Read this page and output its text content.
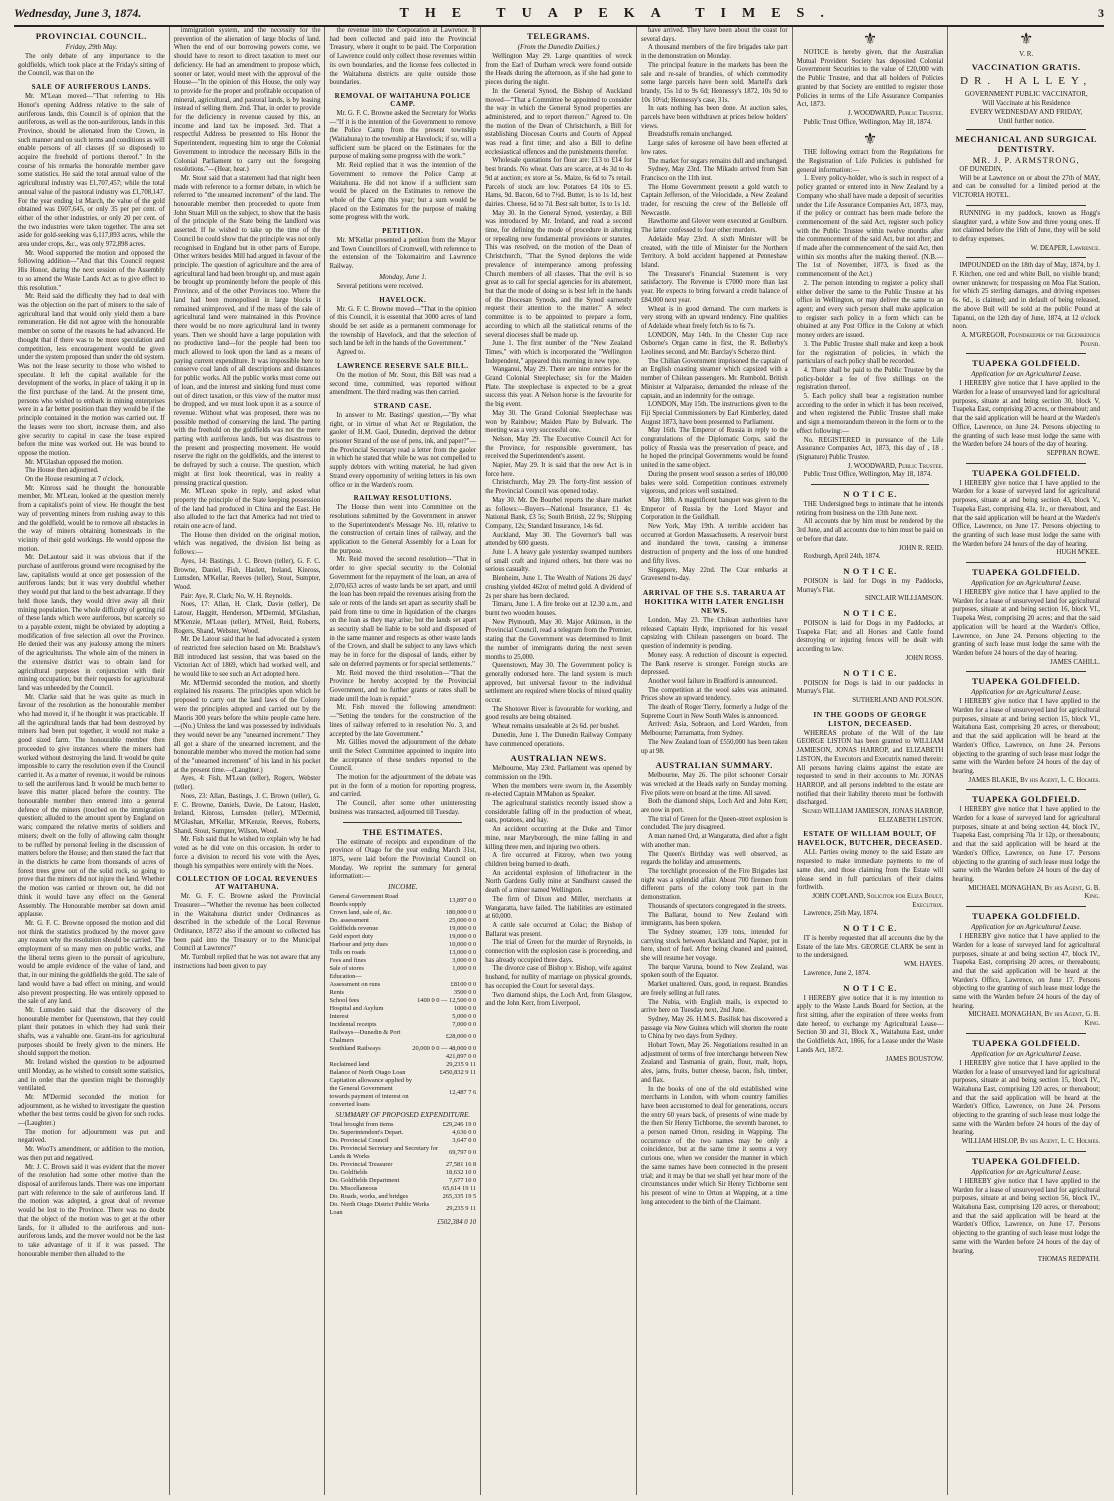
Wednesday, June 3, 1874.	THE TUAPEKA TIMES.	3
PROVINCIAL COUNCIL.
Friday, 29th May.

The only debate of any importance to the goldfields, which took place at the Friday's sitting of the Council, was that on the

SALE OF AURIFEROUS LANDS.

Mr. M'Lean moved—"That referring to His Honor's opening Address relative to the sale of auriferous lands, this Council is of opinion that the auriferous, as well as the non-auriferous, lands in this Province, should be alienated from the Crown, in such manner and on such terms and conditions as will enable persons of all classes (if so disposed) to acquire the freehold of portions thereof." In the course of his remarks the honorable member gave some statistics. He said the total annual value of the agricultural industry was £1,707,457; while the total annual value of the pastoral industry was £1,708,147. For the year ending 1st March, the value of the gold obtained was £607,645, or only 35 per per cent. of either of the other industries, or only 20 per cent. of the two industries were taken together. The area set aside for gold-seeking was 6,117,893 acres, while the area under crops, &c., was only 972,898 acres.

Mr. Wood supported the motion and opposed the following addition—"And that this Council request His Honor, during the next session of the Assembly to so amend the Waste Lands Act as to give effect to this resolution."

Mr. Reid said the difficulty they had to deal with was the objection on the part of miners to the sale of agricultural land that would only yield them a bare remuneration. He did not agree with the honourable member on some of the reasons he had advanced. He thought that if there was to be more speculation and competition, less encouragement would be given under the system proposed than under the old system. Was not the lease security to those who wished to speculate. It left the capital available for the development of the works, in place of taking it up in the first purchase of the land. At the present time, persons who wished to embark in mining enterprises were in a far better position than they would be if the principle contained in the motion was carried out. If the leases were too short, increase them, and also give security to capital in case the lease expired before the mine was worked out. He was bound to oppose the motion.

Mr. M'Glashan opposed the motion.

The House then adjourned.

On the House resuming at 7 o'clock,

Mr. Kinross said he thought the honourable member, Mr. M'Lean, looked at the question merely from a capitalist's point of view. He thought the best way of preventing miners from rushing away to this and the goldfield, would be to remove all obstacles in the way of miners obtaining homesteads in the vicinity of their gold workings. He would oppose the motion.

Mr. DeLautour said it was obvious that if the purchase of auriferous ground were recognised by the law, capitalists would at once get possession of the auriferous lands; but it was very doubtful whether they would put that land to the best advantage. If they held those lands, they would drive away all their mining population. The whole difficulty of getting rid of these lands which were auriferous, but scarcely so to a payable extent, might be obviated by adopting a modification of free selection all over the Province. He denied their was any jealousy among the miners of the agriculturists. The whole aim of the miners in the extensive district was to obtain land for agricultural purposes in conjunction with their mining occupation; but their requests for agricultural land was unheeded by the Council.

Mr. Clarke said that he was quite as much in favour of the resolution as the honourable member who had moved it, if he thought it was practicable. If all the agricultural lands that had been destroyed by miners had been put together, it would not make a good sized farm. The honourable member then proceeded to give instances where the miners had worked without destroying the land. It would be quite impossible to carry the resolution even if the Council carried it. As a matter of revenue, it would be ruinous to sell the auriferous land. It would be much better to leave this matter placed before the country. The honourable member then entered into a general defence of the miners (touched on the immigration question; alluded to the amount spent by England on wars; compared the relative merits of soldiers and miners; dwelt on the folly of allowing calm thought to be ruffled by personal feeling in the discussion of matters before the House; and then stated the fact that in the districts he came from thousands of acres of forest trees grew out of the solid rock, so going to prove that the miners did not injure the land. Whether the motion was carried or thrown out, he did not think it would have any effect on the General Assembly. The Honourable member sat down amid applause.

Mr. G. F. C. Browne opposed the motion and did not think the statistics produced by the mover gave any reason why the resolution should be carried. The employment of so many men on public works, and the liberal terms given to the pursuit of agriculture, would be ample evidence of the value of land, and that, in our mining the goldfields the gold. The sale of land would have a bad effect on mining, and would also prevent prospecting. He was entirely opposed to the sale of any land.

Mr. Lumsden said that the discovery of the honourable member for Queenstown, that they could plant their potatoes in which they had sunk their shafts, was a valuable one. Grant-ins for agricultural purposes should be freely given to the miners. He should support the motion.

Mr. Ireland wished the question to be adjourned until Monday, as he wished to consult some statistics, and in order that the question might be thoroughly ventilated.

Mr. M'Dermid seconded the motion for adjournment, as he wished to investigate the question whether the best terms could be given for such rocks.—(Laughter.)

The motion for adjournment was put and negatived.

Mr. Woo'l's amendment, or addition to the motion, was then put and negatived.

Mr. J. C. Brown said it was evident that the mover of the resolution had some other motive than the disposal of auriferous lands. There was one important part with reference to the sale of auriferous land. If the motion was adopted, a great deal of revenue would be lost to the Province. There was no doubt that the object of the motion was to get at the other lands, for it alluded to the auriferous and non-auriferous lands, and the mover would not be the last to take advantage of it if it was passed. The honourable member then alluded to the

immigration system, and the necessity for the prevention of the alienation of large blocks of land. When the end of our borrowing powers come, we should have to resort to direct taxation to meet our deficiency. He had an amendment to propose which, sooner or later, would meet with the approval of the House—"In the opinion of this House, the only way to provide for the proper and profitable occupation of mineral, agricultural, and pastoral lands, is by leasing instead of selling them. 2nd. That, in order to provide for the deficiency in revenue caused by this, an income and land tax be imposed. 3rd. That a respectful Address be presented to His Honor the Superintendent, requesting him to urge the Colonial Government to introduce the necessary Bills in the Colonial Parliament to carry out the foregoing resolutions."—(Hear, hear.)

Mr. Stout said that a statement had that night been made with reference to a former debate, in which he referred to "the unearned increment" of the land. The honourable member then proceeded to quote from John Stuart Mill on the subject, to show that the basis of the principle of the State being the landlord was asserted. If he wished to take up the time of the Council he could show that the principle was not only recognised in England but in other parts of Europe. Other writers besides Mill had argued in favour of the principle. The question of agriculture and the area of agricultural land had been brought up, and must again be brought up prominently before the people of this Province, and of the other Provinces too. Where the land had been monopolised in large blocks it remained unimproved, and if the mass of the sale of agricultural land were maintained in this Province there would be no more agricultural land in twenty years. Then we should have a large population with no productive land—for the people had been too much allowed to look upon the land as a means of paying current expenditure. It was impossible here to conserve coal lands of all descriptions and distances for public works. All the public works must come out of loan, and the interest and sinking fund must come out of direct taxation, or this view of the matter must be dropped, and we must look upon it as a source of revenue. Without what was proposed, there was no possible method of conserving the land. The parting with the freehold on the goldfields was not the mere parting with auriferous lands, but was disastrous to the present and prospecting movement. He would reserve the right on the goldfields, and the interest to be defrayed by such a course. The question, which might at first look theoretical, was in reality a pressing practical question.

Mr. M'Lean spoke in reply, and asked what property the principle of the State keeping possession of the land had produced in China and the East. He also alluded to the fact that America had not tried to retain one acre of land.

The House then divided on the original motion, which was negatived, the division list being as follows:—

Ayes, 14: Bastings, J. C. Brown (teller), G. F. C. Browne, Daniel, Fish, Haslett, Ireland, Kinross, Lumsden, M'Kellar, Reeves (teller), Stout, Sumpter, Wood.

Pair: Aye, R. Clark; No, W. H. Reynolds.

Noes, 17: Allan, H. Clark, Davie (teller), De Latour, Haggitt, Henderson, M'Dermid, M'Glashan, M'Kenzie, M'Lean (teller), M'Neil, Reid, Roberts, Rogers, Shand, Webster, Wood.

Mr. De Latour said that he had advocated a system of restricted free selection based on Mr. Bradshaw's Bill introduced last session, that was based on the Victorian Act of 1869, which had worked well, and he would like to see such an Act adopted here.

Mr. M'Dermid seconded the motion, and shortly explained his reasons. The principles upon which he proposed to carry out the land laws of the Colony were the principles adopted and carried out by the Maoris 300 years before the white people came here.—(No.) Unless the land was possessed by individuals they would never be any "unearned increment." They all got a share of the unearned increment, and the honourable member who moved the motion had some of the "unearned increment" of his land in his pocket at the present time.—(Laughter.)

Ayes, 4: Fish, M'Lean (teller), Rogers, Webster (teller).

Noes, 23: Allan, Bastings, J. C. Brown (teller), G. F. C. Browne, Daniels, Davie, De Latour, Haslett, Ireland, Kinross, Lumsden (teller), M'Dermid, M'Glashan, M'Kellar, M'Kenzie, Reeves, Roberts, Shand, Stout, Sumpter, Wilson, Wood.

Mr. Fish said that he wished to explain why he had voted as he did vote on this occasion. In order to force a division to record his vote with the Ayes, though his sympathies were entirely with the Noes.

COLLECTION OF LOCAL REVENUES AT WAITAHUNA.

Mr. G. F. C. Browne asked the Provincial Treasurer—"Whether the revenue has been collected in the Waitahuna district under Ordinances as described in the schedule of the Local Revenue Ordinance, 1872? also if the amount so collected has been paid into the Treasury or to the Municipal Council at Lawrence?"

Mr. Turnbull replied that he was not aware that any instructions had been given to pay

the revenue into the Corporation at Lawrence. It had been collected and paid into the Provincial Treasury, where it ought to be paid. The Corporation of Lawrence could only collect those revenues within its own boundaries, and the license fees collected in the Waitahuna districts are quite outside those boundaries.

REMOVAL OF WAITAHUNA POLICE CAMP.

Mr. G. F. C. Browne asked the Secretary for Works—"If it is the intention of the Government to remove the Police Camp from the present township (Waitahuna) to the township at Havelock; if so, will a sufficient sum be placed on the Estimates for the purpose of making some progress with the work."

Mr. Reid replied that it was the intention of the Government to remove the Police Camp at Waitahuna. He did not know if a sufficient sum would be placed on the Estimates to remove the whole of the Camp this year; but a sum would be placed on the Estimates for the purpose of making some progress with the work.

PETITION.

Mr. M'Kellar presented a petition from the Mayor and Town Councillors of Cromwell, with reference to the extension of the Tokomairiro and Lawrence Railway.

Monday, June 1.

Several petitions were received.

HAVELOCK.

Mr. G. F. C. Browne moved—"That in the opinion of this Council, it is essential that 3000 acres of land should be set aside as a permanent commonage for the township of Havelock, and that the selection of such land be left in the hands of the Government."

Agreed to.

LAWRENCE RESERVE SALE BILL.

On the motion of Mr. Stout, this Bill was read a second time, committed, was reported without amendment. The third reading was then carried.

STRAND CASE.

In answer to Mr. Bastings' question,—"By what right, or in virtue of what Act or Regulation, the gaoler of H.M. Gaol, Dunedin, deprived the debtor prisoner Strand of the use of pens, ink, and paper?"—the Provincial Secretary read a letter from the gaoler in which he stated that while he was not compelled to supply debtors with writing material, he had given Strand every opportunity of writing letters in his own office or in the Warden's room.

RAILWAY RESOLUTIONS.

The House then went into Committee on the resolutions submitted by the Government in answer to the Superintendent's Message No. 10, relative to the construction of certain lines of railway, and the application to the General Assembly for a Loan for the purpose.

Mr. Reid moved the second resolution—"That in order to give special security to the Colonial Government for the repayment of the loan, an area of 2,070,653 acres of waste lands be set apart, and until the loan has been repaid the revenues arising from the sale or rents of the lands set apart as security shall be paid from time to time in liquidation of the charges on the loan as they may arise; but the lands set apart as security shall be liable to be sold and disposed of in the same manner and respects as other waste lands of the Crown, and shall be subject to any laws which may be in force for the disposal of lands, either by sale on deferred payments or for special settlements."

Mr. Reid moved the third resolution—"That the Province be hereby accepted by the Provincial Government, and no further grants or rates shall be made until the loan is repaid."

Mr. Fish moved the following amendment:—"Setting the tenders for the construction of the lines of railway referred to in resolution No. 3, and accepted by the late Government."

Mr. Gillies moved the adjournment of the debate until the Select Committee appointed to inquire into the acceptance of these tenders reported to the Council.

The motion for the adjournment of the debate was put in the form of a motion for reporting progress, and carried.

The Council, after some other uninteresting business was transacted, adjourned till Tuesday.

THE ESTIMATES.

The estimate of receipts and expenditure of the province of Otago for the year ending March 31st, 1875, were laid before the Provincial Council on Monday. We reprint the summary for general information:—

INCOME.
General Government Road Boards supply	13,897 0 0
Crown land, sale of, &c.	180,000 0 0
Do. assessment	25,000 0 0
Goldfields revenue	19,000 0 0
Gold export duty	19,000 0 0
Harbour and jetty dues	10,000 0 0
Tolls on roads	13,000 0 0
Fees and fines	3,000 0 0
Sale of stores	1,000 0 0
Education—	
Assessment on runs	£8100 0 0
Rents	3500 0 0
School fees	1400 0 0 — 12,500 0 0
Hospital and Asylum	1000 0 0
Interest	5,000 0 0
Incidental receipts	7,000 0 0
Railways—Dunedin & Port Chalmers	£28,000 0 0
Southland Railways	20,000 0 0 — 48,000 0 0
	421,897 0 0
Reclaimed land	29,235 9 11
Balance of North Otago Loan	£450,832 9 11
Capitation allowance applied by the General Government towards payment of interest on converted loans	12,487 7 6
SUMMARY OF PROPOSED EXPENDITURE.
Total brought from items	£29,246 19 0
Do. Superintendent's Depart.	4,636 0 0
Do. Provincial Council	3,647 0 0
Do. Provincial Secretary and Secretary for Lands & Works	69,797 0 0
Do. Provincial Treasurer	27,581 16 8
Do. Goldfields	18,632 10 0
Do. Goldfields Department	7,677 10 0
Do. Miscellaneous	65,614 19 11
Do. Roads, works, and bridges	265,335 19 5
Do. North Otago District Public Works Loan	29,235 9 11
£502,384 0 10
TELEGRAMS.
(From the Dunedin Dailies.)

Wellington May 29. Large quantities of wreck from the Earl of Durham wreck were found outside the Heads during the afternoon, as if she had gone to pieces during the night.

In the General Synod, the Bishop of Auckland moved—"That a Committee be appointed to consider the way in which the General Synod properties are administered, and to report thereon." Agreed to. On the motion of the Dean of Christchurch, a Bill for establishing Diocesan Courts and Courts of Appeal was read a first time; and also a Bill to define ecclesiastical offences and the punishments therefor.

Wholesale quotations for flour are: £13 to £14 for best brands. No wheat. Oats are scarce, at 4s 3d to 4s 9d at auction; ex store at 5s. Maize, 6s 6d to 7s retail. Parcels of stock are low. Potatoes £4 10s to £5. Hams, 9d. Bacon, 6d to 7½d. Butter, 1s to 1s 1d, best dairies. Cheese, 6d to 7d. Best salt butter, 1s to 1s 1d.

May 30. In the General Synod, yesterday, a Bill was introduced by Mr. Ireland, and read a second time, for defining the mode of procedure in altering or repealing new fundamental provisions or statutes. This was resolved, on the motion of the Dean of Christchurch, "That the Synod deplores the wide prevalence of intemperance among professing Church members of all classes. That the evil is so great as to call for special agencies for its abatement, but that the mode of doing so is best left in the hands of the Diocesan Synods, and the Synod earnestly request their attention to the matter." A select committee is to be appointed to prepare a form, according to which all the statistical returns of the several dioceses shall be made up.

June 1. The first number of the "New Zealand Times," with which is incorporated the "Wellington Independent," appeared this morning in new type.

Wanganui, May 29. There are nine entries for the Grand Colonial Steeplechase; six for the Maiden Plate. The steeplechase is expected to be a great success this year. A Nelson horse is the favourite for the big event.

May 30. The Grand Colonial Steeplechase was won by Rainbow; Maiden Plate by Bulwark. The meeting was a very successful one.

Nelson, May 29. The Executive Council Act for the Province, for responsible government, has received the Superintendent's assent.

Napier, May 29. It is said that the new Act is in force here.

Christchurch, May 29. The forty-first session of the Provincial Council was opened today.

May 30. Mr. De Bourbel reports the share market as follows:—Buyers—National Insurance, £1 4s; National Bank, £3 5s; South British, 22 9s; Shipping Company, 12s; Standard Insurance, 14s 6d.

Auckland, May 30. The Governor's ball was attended by 600 guests.

June 1. A heavy gale yesterday swamped numbers of small craft and injured others, but there was no serious casualty.

Blenheim, June 1. The Wealth of Nations 26 days' crushing yielded 462oz of melted gold. A dividend of 2s per share has been declared.

Timaru, June 1. A fire broke out at 12.30 a.m., and burnt two wooden houses.

New Plymouth, May 30. Major Atkinson, in the Provincial Council, read a telegram from the Premier, stating that the Government was determined to limit the number of immigrants during the next seven months to 25,000.

Queenstown, May 30. The Government policy is generally endorsed here. The land system is much approved, but universal favour to the individual settlement are required where blocks of mixed quality occur.

The Shotover River is favourable for working, and good results are being obtained.

Wheat remains unsaleable at 2s 6d. per bushel.

Dunedin, June 1. The Dunedin Railway Company have commenced operations.

AUSTRALIAN NEWS.

Melbourne, May 23rd. Parliament was opened by commission on the 19th.

When the members were sworn in, the Assembly re-elected Captain M'Mahon as Speaker.

The agricultural statistics recently issued show a considerable falling off in the production of wheat, oats, potatoes, and hay.

An accident occurring at the Duke and Timor mine, near Maryborough, the mine falling in and killing three men, and injuring two others.

A fire occurred at Fitzroy, when two young children being burned to death.

An accidental explosion of lithofracteur in the North Gardens Gully mine at Sandhurst caused the death of a miner named Wellington.

The firm of Dixon and Miller, merchants at Wangaratta, have failed. The liabilities are estimated at 60,000.

A cattle sale occurred at Colac; the Bishop of Ballarat was present.

The trial of Green for the murder of Reynolds, in connection with the explosion case is proceeding, and has already occupied three days.

The divorce case of Bishop v. Bishop, wife against husband, for nullity of marriage on physical grounds, has occupied the Court for several days.

Two diamond ships, the Loch Ard, from Glasgow, and the John Kerr, from Liverpool,

have arrived. They have been about the coast for several days.

A thousand members of the fire brigades take part in the demonstration on Monday.

The principal feature in the markets has been the sale and re-sale of brandies, of which commodity some large parcels have been sold. Martell's dark brandy, 15s 1d to 9s 6d; Hennessy's 1872, 10s 9d to 10s 10½d; Hennessy's case, 31s.

In oats nothing has been done. At auction sales, parcels have been withdrawn at prices below holders' views.

Breadstuffs remain unchanged.

Large sales of kerosene oil have been effected at low rates.

The market for sugars remains dull and unchanged.

Sydney, May 23rd. The Mikado arrived from San Francisco on the 11th inst.

The Home Government present a gold watch to Captain Jefferson, of the Velocidade, a New Zealand trader, for rescuing the crew of the Belleisle off Newcastle.

Hawthorne and Glover were executed at Goulburn. The latter confessed to four other murders.

Adelaide May 23rd. A sixth Minister will be created, with the title of Minister for the Northern Territory. A bold accident happened at Penneshaw Island.

The Treasurer's Financial Statement is very satisfactory. The Revenue is £7000 more than last year. He expects to bring forward a credit balance of £84,000 next year.

Wheat is in good demand. The corn markets is very strong with an upward tendency. Fine qualities of Adelaide wheat freely fetch 6s to 6s 7s.

LONDON, May 14th. In the Chester Cup race Osborne's Organ came in first, the R. Bellerby's Leolines second, and Mr. Barclay's Scherzo third.

The Chilian Government imprisoned the captain of an English coasting steamer which capsized with a number of Chilean passengers. Mr. Rumbold, British Minister at Valparaiso, demanded the release of the captain, and an indemnity for the outrage.

LONDON, May 15th. The instructions given to the Fiji Special Commissioners by Earl Kimberley, dated August 1873, have been presented to Parliament.

May 16th. The Emperor of Russia in reply to the congratulations of the Diplomatic Corps, said the policy of Russia was the preservation of peace, and he hoped the principal Governments would be found united in the same object.

During the present wool season a series of 180,000 bales were sold. Competition continues extremely vigorous, and prices well sustained.

May 18th. A magnificent banquet was given to the Emperor of Russia by the Lord Mayor and Corporation in the Guildhall.

New York, May 19th. A terrible accident has occurred at Gordon Massachusetts. A reservoir burst and inundated the town, causing a immense destruction of property and the loss of one hundred and fifty lives.

Singapore, May 22nd. The Czar embarks at Gravesend to-day.

ARRIVAL OF THE S.S. TARARUA AT HOKITIKA WITH LATER ENGLISH NEWS.

London, May 23. The Chilean authorities have released Captain Hyde, imprisoned for his vessel capsizing with Chilean passengers on board. The question of indemnity is pending.

Money easy. A reduction of discount is expected. The Bank reserve is stronger. Foreign stocks are depressed.

Another wool failure in Bradford is announced.

The competition at the wool sales was animated. Prices show an upward tendency.

The death of Roger Tierry, formerly a Judge of the Supreme Court in New South Wales is announced.

Arrived: Asia, Sobraon, and Lord Warden, from Melbourne; Parramatta, from Sydney.

The New Zealand loan of £550,000 has been taken up at 98.

AUSTRALIAN SUMMARY.

Melbourne, May 26. The pilot schooner Corsair was wrecked at the Heads early on Sunday morning. Five pilots were on board at the time. All saved.

Both the diamond ships, Loch Ard and John Kerr, are now in port.

The trial of Green for the Queen-street explosion is concluded. The jury disagreed.

A man named Ord, at Wangaratta, died after a fight with another man.

The Queen's Birthday was well observed, as regards the holiday and amusements.

The torchlight procession of the Fire Brigades last night was a splendid affair. About 700 firemen from different parts of the colony took part in the demonstration.

Thousands of spectators congregated in the streets.

The Ballarat, bound to New Zealand with immigrants, has been spoken.

The Sydney steamer, 139 tons, intended for carrying stock between Auckland and Napier, put in here, short of fuel. After being cleaned and painted, she will resume her voyage.

The barque Varuna, bound to New Zealand, was spoken south of the Equator.

Market unaltered. Oats, good, in request. Brandies are freely selling at full rates.

The Nubia, with English mails, is expected to arrive here on Tuesday next, 2nd June.

Sydney, May 26. H.M.S. Basilisk has discovered a passage via New Guinea which will shorten the route to China by two days from Sydney.

Hobart Town, May 26. Negotiations resulted in an adjustment of terms of free interchange between New Zealand and Tasmania of grain, flour, malt, hops, ales, jams, fruits, butter cheese, bacon, fish, timber, and flax.

In the books of one of the old established wine merchants in London, with whom country families have been accustomed to deal for generations, occurs the entry 60 years back, of presents of wine made by the then Sir Henry Tichborne, the seventh baronet, to a person named Orton, residing in Wapping. The occurrence of the two names may be only a coincidence, but at the same time it seems a very curious one, when we consider the manner in which the same names have been connected in the present trial; and it may be that we shall yet hear more of the circumstances under which Sir Henry Tichborne sent his present of wine to Orton at Wapping, at a time long antecedent to the birth of the Claimant.

⚜

NOTICE is hereby given, that the Australian Mutual Provident Society has deposited Colonial Government Securities to the value of £20,000 with the Public Trustee, and that all holders of Policies granted by that Society are entitled to register those Policies in terms of the Life Assurance Companies Act, 1873.

J. WOODWARD, Public Trustee.

Public Trust Office, Wellington, May 18, 1874.

⚜

THE following extract from the Regulations for the Registration of Life Policies is published for general information:—

1. Every policy-holder, who is such in respect of a policy granted or entered into in New Zealand by a Company who shall have made a deposit of securities under the Life Assurance Companies Act, 1873, may, if the policy or contract has been made before the commencement of the said Act, register such policy with the Public Trustee within twelve months after the commencement of the said Act, but not after; and if made after the commencement of the said Act, then within six months after the making thereof. (N.B.—The 1st of November, 1873, is fixed as the commencement of the Act.)

2. The person intending to register a policy shall either deliver the same to the Public Trustee at his office in Wellington, or may deliver the same to an agent; and every such person shall make application to register such policy in a form which can be obtained at any Post Office in the Colony at which money orders are issued.

3. The Public Trustee shall make and keep a book for the registration of policies, in which the particulars of each policy shall be recorded.

4. There shall be paid to the Public Trustee by the policy-holder a fee of five shillings on the registration thereof.

5. Each policy shall bear a registration number according to the order in which it has been received, and when registered the Public Trustee shall make and sign a memorandum thereon in the form or to the effect following:—

No. REGISTERED in pursuance of the Life Assurance Companies Act, 1873, this day of , 18 . (Signature) Public Trustee.

J. WOODWARD, Public Trustee.

Public Trust Office, Wellington, May 18, 1874.

N O T I C E.

THE Undersigned begs to intimate that he intends retiring from business on the 13th June next.

All accounts due by him must be rendered by the 3rd June, and all accounts due to him must be paid on or before that date.

JOHN R. REID.

Roxburgh, April 24th, 1874.

N O T I C E.

POISON is laid for Dogs in my Paddocks, Murray's Flat.

SINCLAIR WILLIAMSON.

N O T I C E.

POISON is laid for Dogs in my Paddocks, at Tuapeka Flat; and all Horses and Cattle found destroying or injuring fences will be dealt with according to law.

JOHN ROSS.

N O T I C E.

POISON for Dogs is laid in our paddocks in Murray's Flat.

SUTHERLAND AND POLSON.

IN THE GOODS OF GEORGE LISTON, DECEASED.

WHEREAS probate of the Will of the late GEORGE LISTON has been granted to WILLIAM JAMIESON, JONAS HARROP, and ELIZABETH LISTON, the Executors and Executrix named therein: All persons having claims against the estate are requested to send in their accounts to Mr. JONAS HARROP, and all persons indebted to the estate are notified that their liability thereto must be forthwith discharged.

Signed WILLIAM JAMIESON, JONAS HARROP, ELIZABETH LISTON.

ESTATE OF WILLIAM BOULT, OF HAVELOCK, BUTCHER, DECEASED.

ALL Parties owing money to the said Estate are requested to make immediate payments to me of same due, and those claiming from the Estate will please send in full particulars of their claims forthwith.

JOHN COPLAND, Solicitor for Eliza Boult, Executrix.

Lawrence, 25th May, 1874.

N O T I C E.

IT is hereby requested that all accounts due by the Estate of the late Mrs. GEORGE CLARK be sent in to the undersigned.

WM. HAYES.

Lawrence, June 2, 1874.

N O T I C E.

I HEREBY give notice that it is my intention to apply to the Waste Lands Board for Section, at the first sitting, after the expiration of three weeks from date hereof, to exchange my Agricultural Lease—Section 30 and 31, Block X., Waitahuna East, under the Goldfields Act, 1866, for a Lease under the Waste Lands Act, 1872.

JAMES BOUSTOW.

⚜
V. R.
VACCINATION GRATIS.
DR. HALLEY,

GOVERNMENT PUBLIC VACCINATOR,

Will Vaccinate at his Residence

EVERY WEDNESDAY AND FRIDAY,

Until further notice.

MECHANICAL AND SURGICAL DENTISTRY.
MR. J. P. ARMSTRONG,

OF DUNEDIN,

Will be at Lawrence on or about the 27th of MAY, and can be consulted for a limited period at the VICTORIA HOTEL.

RUNNING in my paddock, known as Hogg's slaughter yard, a white Sow and three young ones. If not claimed before the 16th of June, they will be sold to defray expenses.

W. DEAPER, Lawrence.

IMPOUNDED on the 18th day of May, 1874, by J. F. Kitchen, one red and white Bull, no visible brand; owner unknown; for trespassing on Moa Flat Station, for which 25 sterling damages, and driving expenses 6s. 6d., is claimed; and in default of being released, the above Bull will be sold at the public Pound at Tapanui, on the 12th day of June, 1874, at 12 o'clock noon.

A. M'GREGOR, Poundkeeper of the Glenkenich Pound.

TUAPEKA GOLDFIELD.
Application for an Agricultural Lease.

I HEREBY give notice that I have applied to the Warden for a lease of unsurveyed land for agricultural purposes, situate at and being section 30, block V, Tuapeka East, comprising 20 acres, or thereabout; and that the said application will be heard at the Warden's Office, Lawrence, on June 24. Persons objecting to the granting of such lease must lodge the same with the Warden before 24 hours of the day of hearing.

SEPPRAN ROWE.

TUAPEKA GOLDFIELD.

I HEREBY give notice that I have applied to the Warden for a lease of surveyed land for agricultural purposes, situate at and being section 43, block V., Tuapeka East, comprising 43a. 1r., or thereabout, and that the said application will be heard at the Warden's Office, Lawrence, on June 17. Persons objecting to the granting of such lease must lodge the same with the Warden before 24 hours of the day of hearing.

HUGH M'KEE.

TUAPEKA GOLDFIELD.
Application for an Agricultural Lease.

I HEREBY give notice that I have applied to the Warden for a lease of unsurveyed land for agricultural purposes, situate at and being section 16, block VI., Tuapeka West, comprising 20 acres; and that the said application will be heard at the Warden's Office, Lawrence, on June 24. Persons objecting to the granting of such lease must lodge the same with the Warden before 24 hours of the day of hearing.

JAMES CAHILL.

TUAPEKA GOLDFIELD.
Application for an Agricultural Lease.

I HEREBY give notice that I have applied to the Warden for a lease of unsurveyed land for agricultural purposes, situate at and being section 15, block VI., Waitahuna East, comprising 20 acres, or thereabout; and that the said application will be heard at the Warden's Office, Lawrence, on June 24. Persons objecting to the granting of such lease must lodge the same with the Warden before 24 hours of the day of hearing.

JAMES BLAKIE, By his Agent, L. C. Holmes.

TUAPEKA GOLDFIELD.

I HEREBY give notice that I have applied to the Warden for a lease of surveyed land for agricultural purposes, situate at and being section 44, block IV., Tuapeka East, comprising 70a 1r 12p, or thereabouts; and that the said application will be heard at the Warden's Office, Lawrence, on June 17. Persons objecting to the granting of such lease must lodge the same with the Warden before 24 hours of the day of hearing.

MICHAEL MONAGHAN, By his Agent, G. B. King.

TUAPEKA GOLDFIELD.
Application for an Agricultural Lease.

I HEREBY give notice that I have applied to the Warden for a lease of surveyed land for agricultural purposes, situate at and being section 47, block IV., Tuapeka East, comprising 20 acres, or thereabouts; and that the said application will be heard at the Warden's Office, Lawrence, on June 17. Persons objecting to the granting of such lease must lodge the same with the Warden before 24 hours of the day of hearing.

MICHAEL MONAGHAN, By his Agent, G. B. King.

TUAPEKA GOLDFIELD.
Application for an Agricultural Lease.

I HEREBY give notice that I have applied to the Warden for a lease of unsurveyed land for agricultural purposes, situate at and being section 15, block IV., Waitahuna East, comprising 120 acres, or thereabout; and that the said application will be heard at the Warden's Office, Lawrence, on June 24. Persons objecting to the granting of such lease must lodge the same with the Warden before 24 hours of the day of hearing.

WILLIAM HISLOP, By his Agent, L. C. Holmes.

TUAPEKA GOLDFIELD.
Application for an Agricultural Lease.

I HEREBY give notice that I have applied to the Warden for a lease of unsurveyed land for agricultural purposes, situate at and being section 56, block IV., Waitahuna East, comprising 120 acres, or thereabout; and that the said application will be heard at the Warden's Office, Lawrence, on June 17. Persons objecting to the granting of such lease must lodge the same with the Warden before 24 hours of the day of hearing.

THOMAS REDPATH.
